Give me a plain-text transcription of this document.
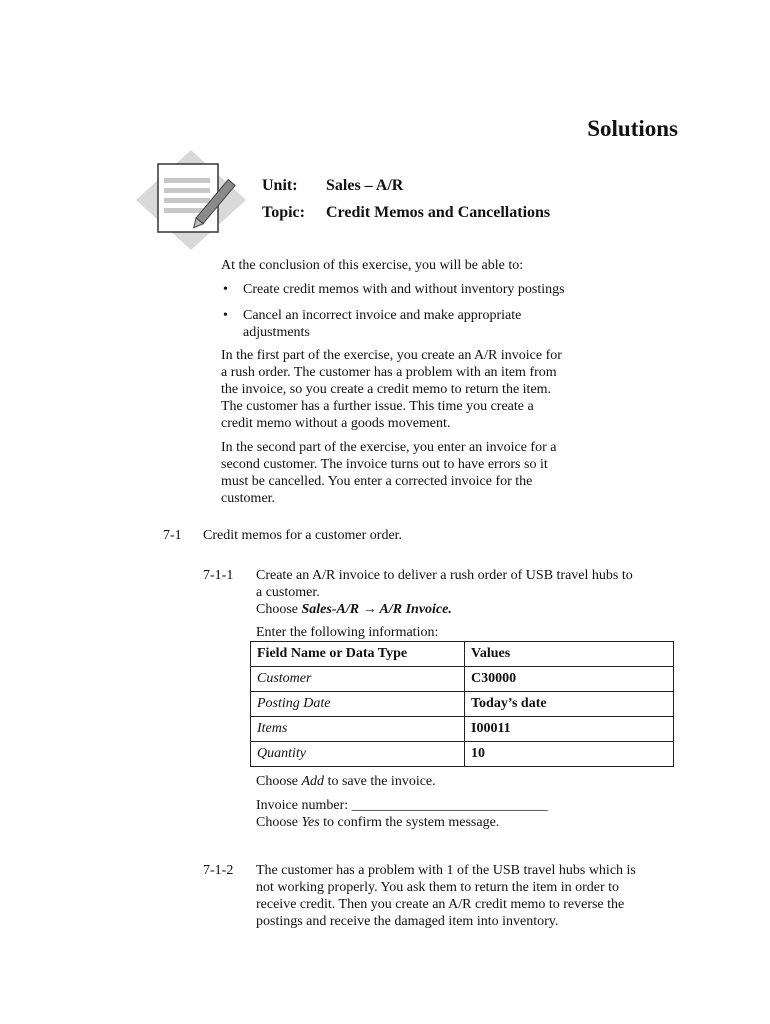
Solutions
Unit: Sales – A/R
Topic: Credit Memos and Cancellations
At the conclusion of this exercise, you will be able to:
• Create credit memos with and without inventory postings
• Cancel an incorrect invoice and make appropriate
adjustments
In the first part of the exercise, you create an A/R invoice for
a rush order. The customer has a problem with an item from
the invoice, so you create a credit memo to return the item.
The customer has a further issue. This time you create a
credit memo without a goods movement.
In the second part of the exercise, you enter an invoice for a
second customer. The invoice turns out to have errors so it
must be cancelled. You enter a corrected invoice for the
customer.
7-1 Credit memos for a customer order.
7-1-1 Create an A/R invoice to deliver a rush order of USB travel hubs to
a customer.
Choose Sales-A/R → A/R Invoice.
Enter the following information:
Field Name or Data Type	Values
Customer	C30000
Posting Date	Today’s date
Items	I00011
Quantity	10
Choose Add to save the invoice.
Invoice number: ____________________________
Choose Yes to confirm the system message.
7-1-2 The customer has a problem with 1 of the USB travel hubs which is
not working properly. You ask them to return the item in order to
receive credit. Then you create an A/R credit memo to reverse the
postings and receive the damaged item into inventory.
